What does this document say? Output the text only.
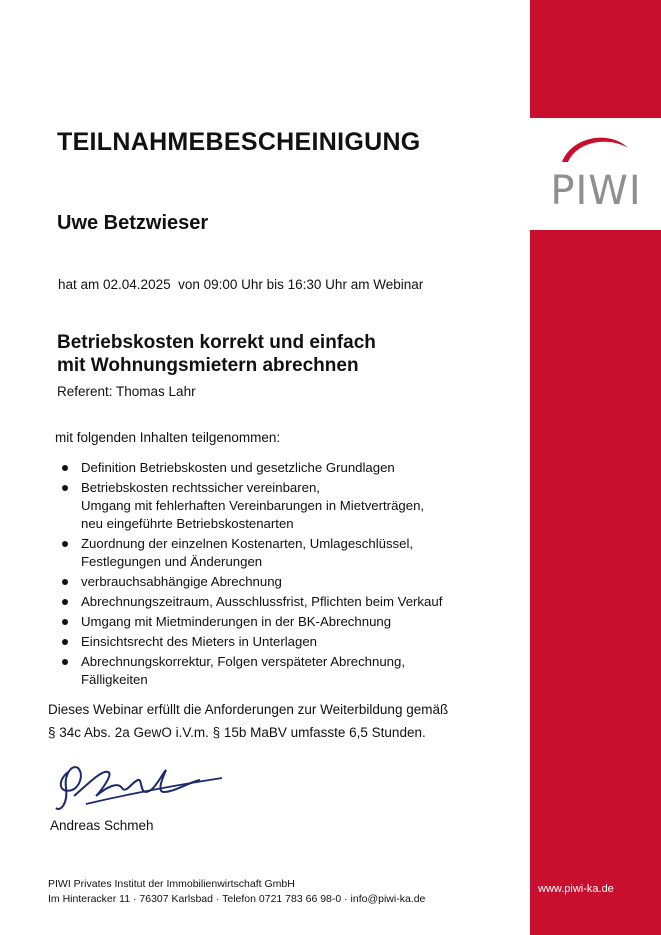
PIWI
www.piwi-ka.de
TEILNAHMEBESCHEINIGUNG
Uwe Betzwieser
hat am 02.04.2025  von 09:00 Uhr bis 16:30 Uhr am Webinar
Betriebskosten korrekt und einfach
mit Wohnungsmietern abrechnen
Referent: Thomas Lahr
mit folgenden Inhalten teilgenommen:
Definition Betriebskosten und gesetzliche Grundlagen
Betriebskosten rechtssicher vereinbaren,
Umgang mit fehlerhaften Vereinbarungen in Mietverträgen,
neu eingeführte Betriebskostenarten
Zuordnung der einzelnen Kostenarten, Umlageschlüssel,
Festlegungen und Änderungen
verbrauchsabhängige Abrechnung
Abrechnungszeitraum, Ausschlussfrist, Pflichten beim Verkauf
Umgang mit Mietminderungen in der BK-Abrechnung
Einsichtsrecht des Mieters in Unterlagen
Abrechnungskorrektur, Folgen verspäteter Abrechnung,
Fälligkeiten
Dieses Webinar erfüllt die Anforderungen zur Weiterbildung gemäß
§ 34c Abs. 2a GewO i.V.m. § 15b MaBV umfasste 6,5 Stunden.
Andreas Schmeh
PIWI Privates Institut der Immobilienwirtschaft GmbH
Im Hinteracker 11 · 76307 Karlsbad · Telefon 0721 783 66 98-0 · info@piwi-ka.de
